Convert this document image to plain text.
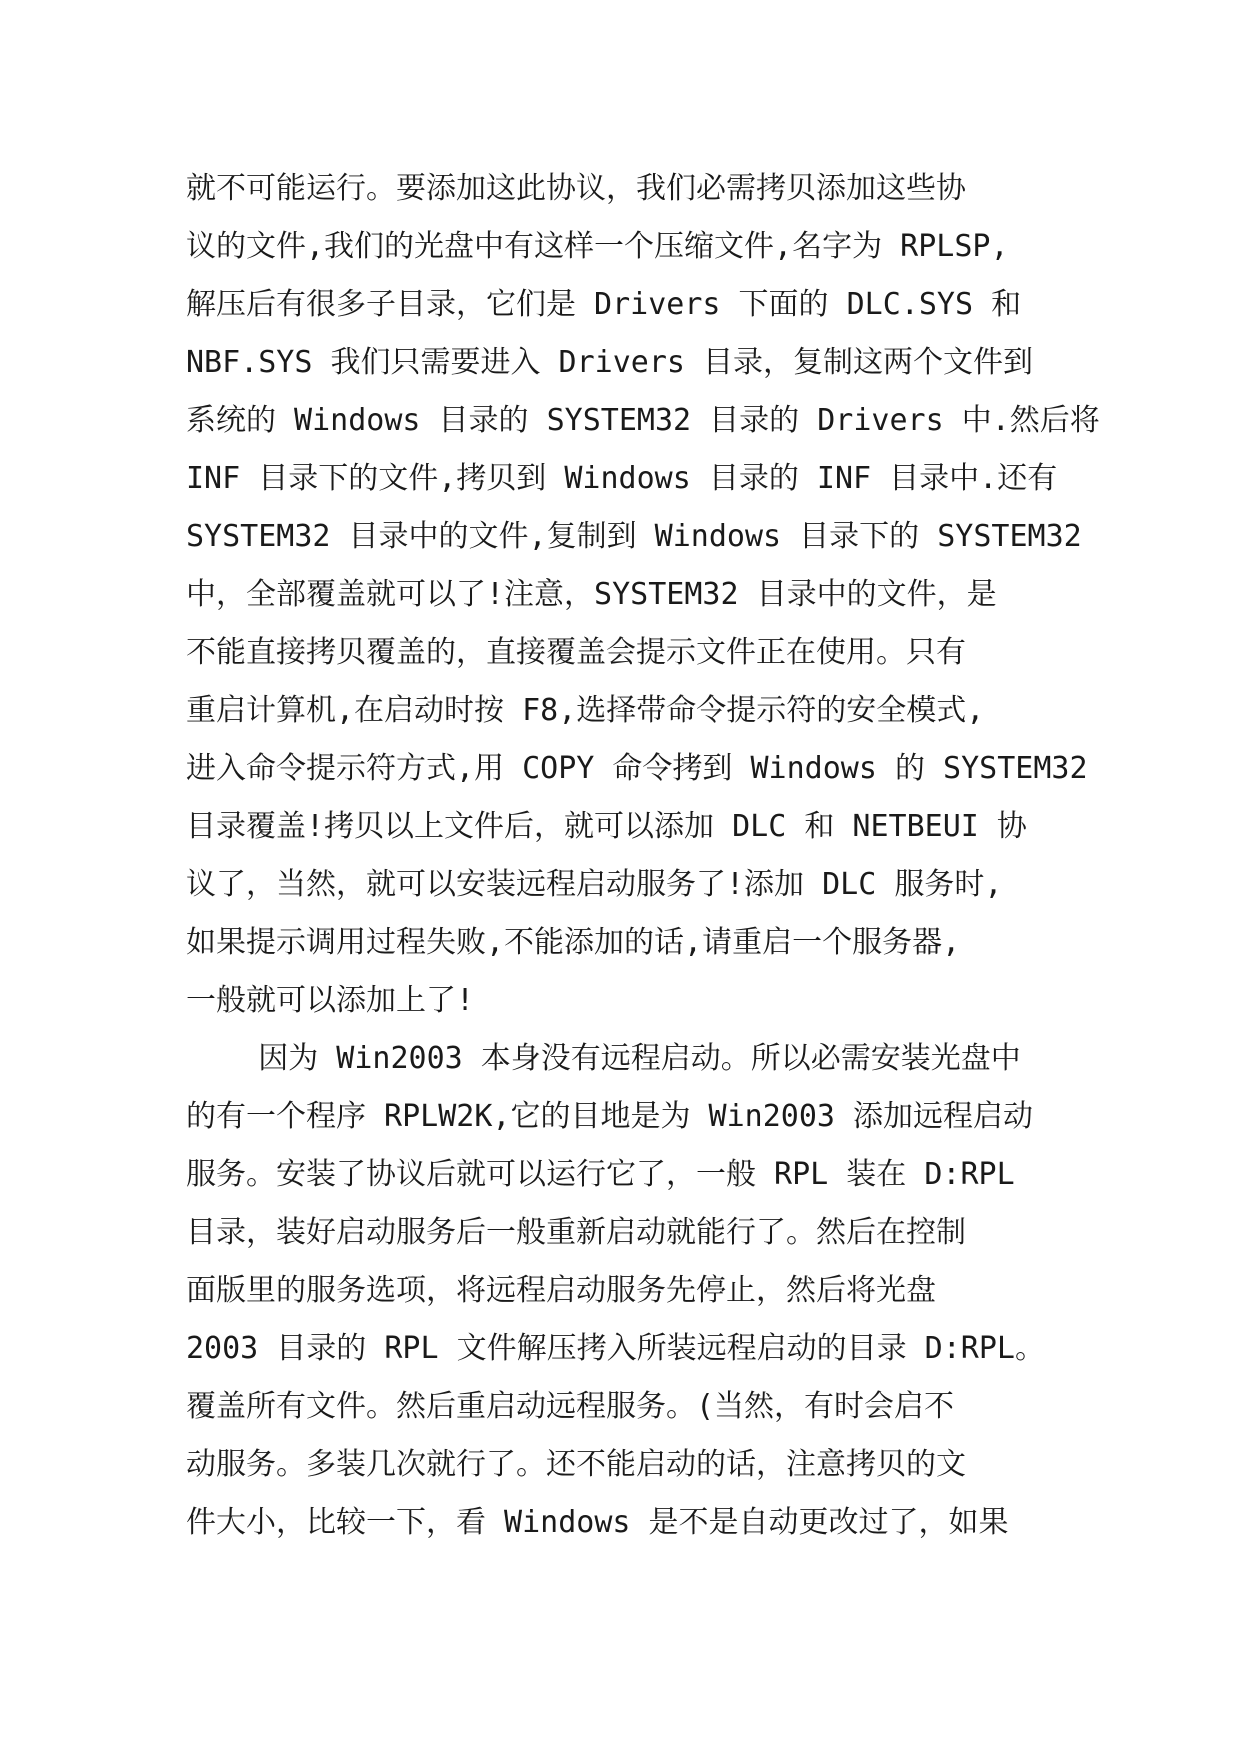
就不可能运行。要添加这此协议，我们必需拷贝添加这些协
议的文件,我们的光盘中有这样一个压缩文件,名字为 RPLSP,
解压后有很多子目录，它们是 Drivers 下面的 DLC.SYS 和
NBF.SYS 我们只需要进入 Drivers 目录，复制这两个文件到
系统的 Windows 目录的 SYSTEM32 目录的 Drivers 中.然后将
INF 目录下的文件,拷贝到 Windows 目录的 INF 目录中.还有
SYSTEM32 目录中的文件,复制到 Windows 目录下的 SYSTEM32
中，全部覆盖就可以了!注意，SYSTEM32 目录中的文件，是
不能直接拷贝覆盖的，直接覆盖会提示文件正在使用。只有
重启计算机,在启动时按 F8,选择带命令提示符的安全模式,
进入命令提示符方式,用 COPY 命令拷到 Windows 的 SYSTEM32
目录覆盖!拷贝以上文件后，就可以添加 DLC 和 NETBEUI 协
议了，当然，就可以安装远程启动服务了!添加 DLC 服务时,
如果提示调用过程失败,不能添加的话,请重启一个服务器,
一般就可以添加上了!
因为 Win2003 本身没有远程启动。所以必需安装光盘中
的有一个程序 RPLW2K,它的目地是为 Win2003 添加远程启动
服务。安装了协议后就可以运行它了，一般 RPL 装在 D:RPL
目录，装好启动服务后一般重新启动就能行了。然后在控制
面版里的服务选项，将远程启动服务先停止，然后将光盘
2003 目录的 RPL 文件解压拷入所装远程启动的目录 D:RPL。
覆盖所有文件。然后重启动远程服务。(当然，有时会启不
动服务。多装几次就行了。还不能启动的话，注意拷贝的文
件大小，比较一下，看 Windows 是不是自动更改过了，如果
